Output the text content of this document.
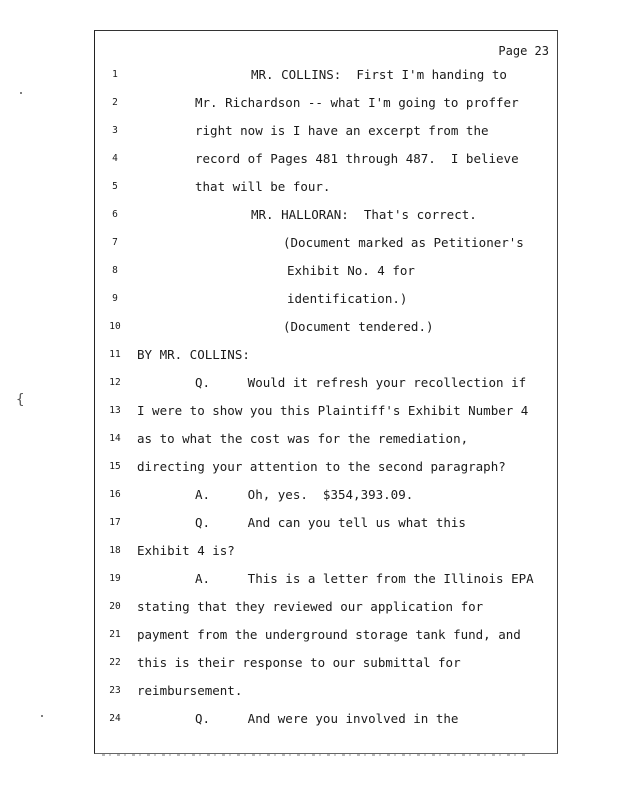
Page 23
1	MR. COLLINS:  First I'm handing to
2	Mr. Richardson -- what I'm going to proffer
3	right now is I have an excerpt from the
4	record of Pages 481 through 487.  I believe
5	that will be four.
6	MR. HALLORAN:  That's correct.
7	(Document marked as Petitioner's
8	Exhibit No. 4 for
9	identification.)
10	(Document tendered.)
11	BY MR. COLLINS:
12	Q.     Would it refresh your recollection if
13	I were to show you this Plaintiff's Exhibit Number 4
14	as to what the cost was for the remediation,
15	directing your attention to the second paragraph?
16	A.     Oh, yes.  $354,393.09.
17	Q.     And can you tell us what this
18	Exhibit 4 is?
19	A.     This is a letter from the Illinois EPA
20	stating that they reviewed our application for
21	payment from the underground storage tank fund, and
22	this is their response to our submittal for
23	reimbursement.
24	Q.     And were you involved in the
{
